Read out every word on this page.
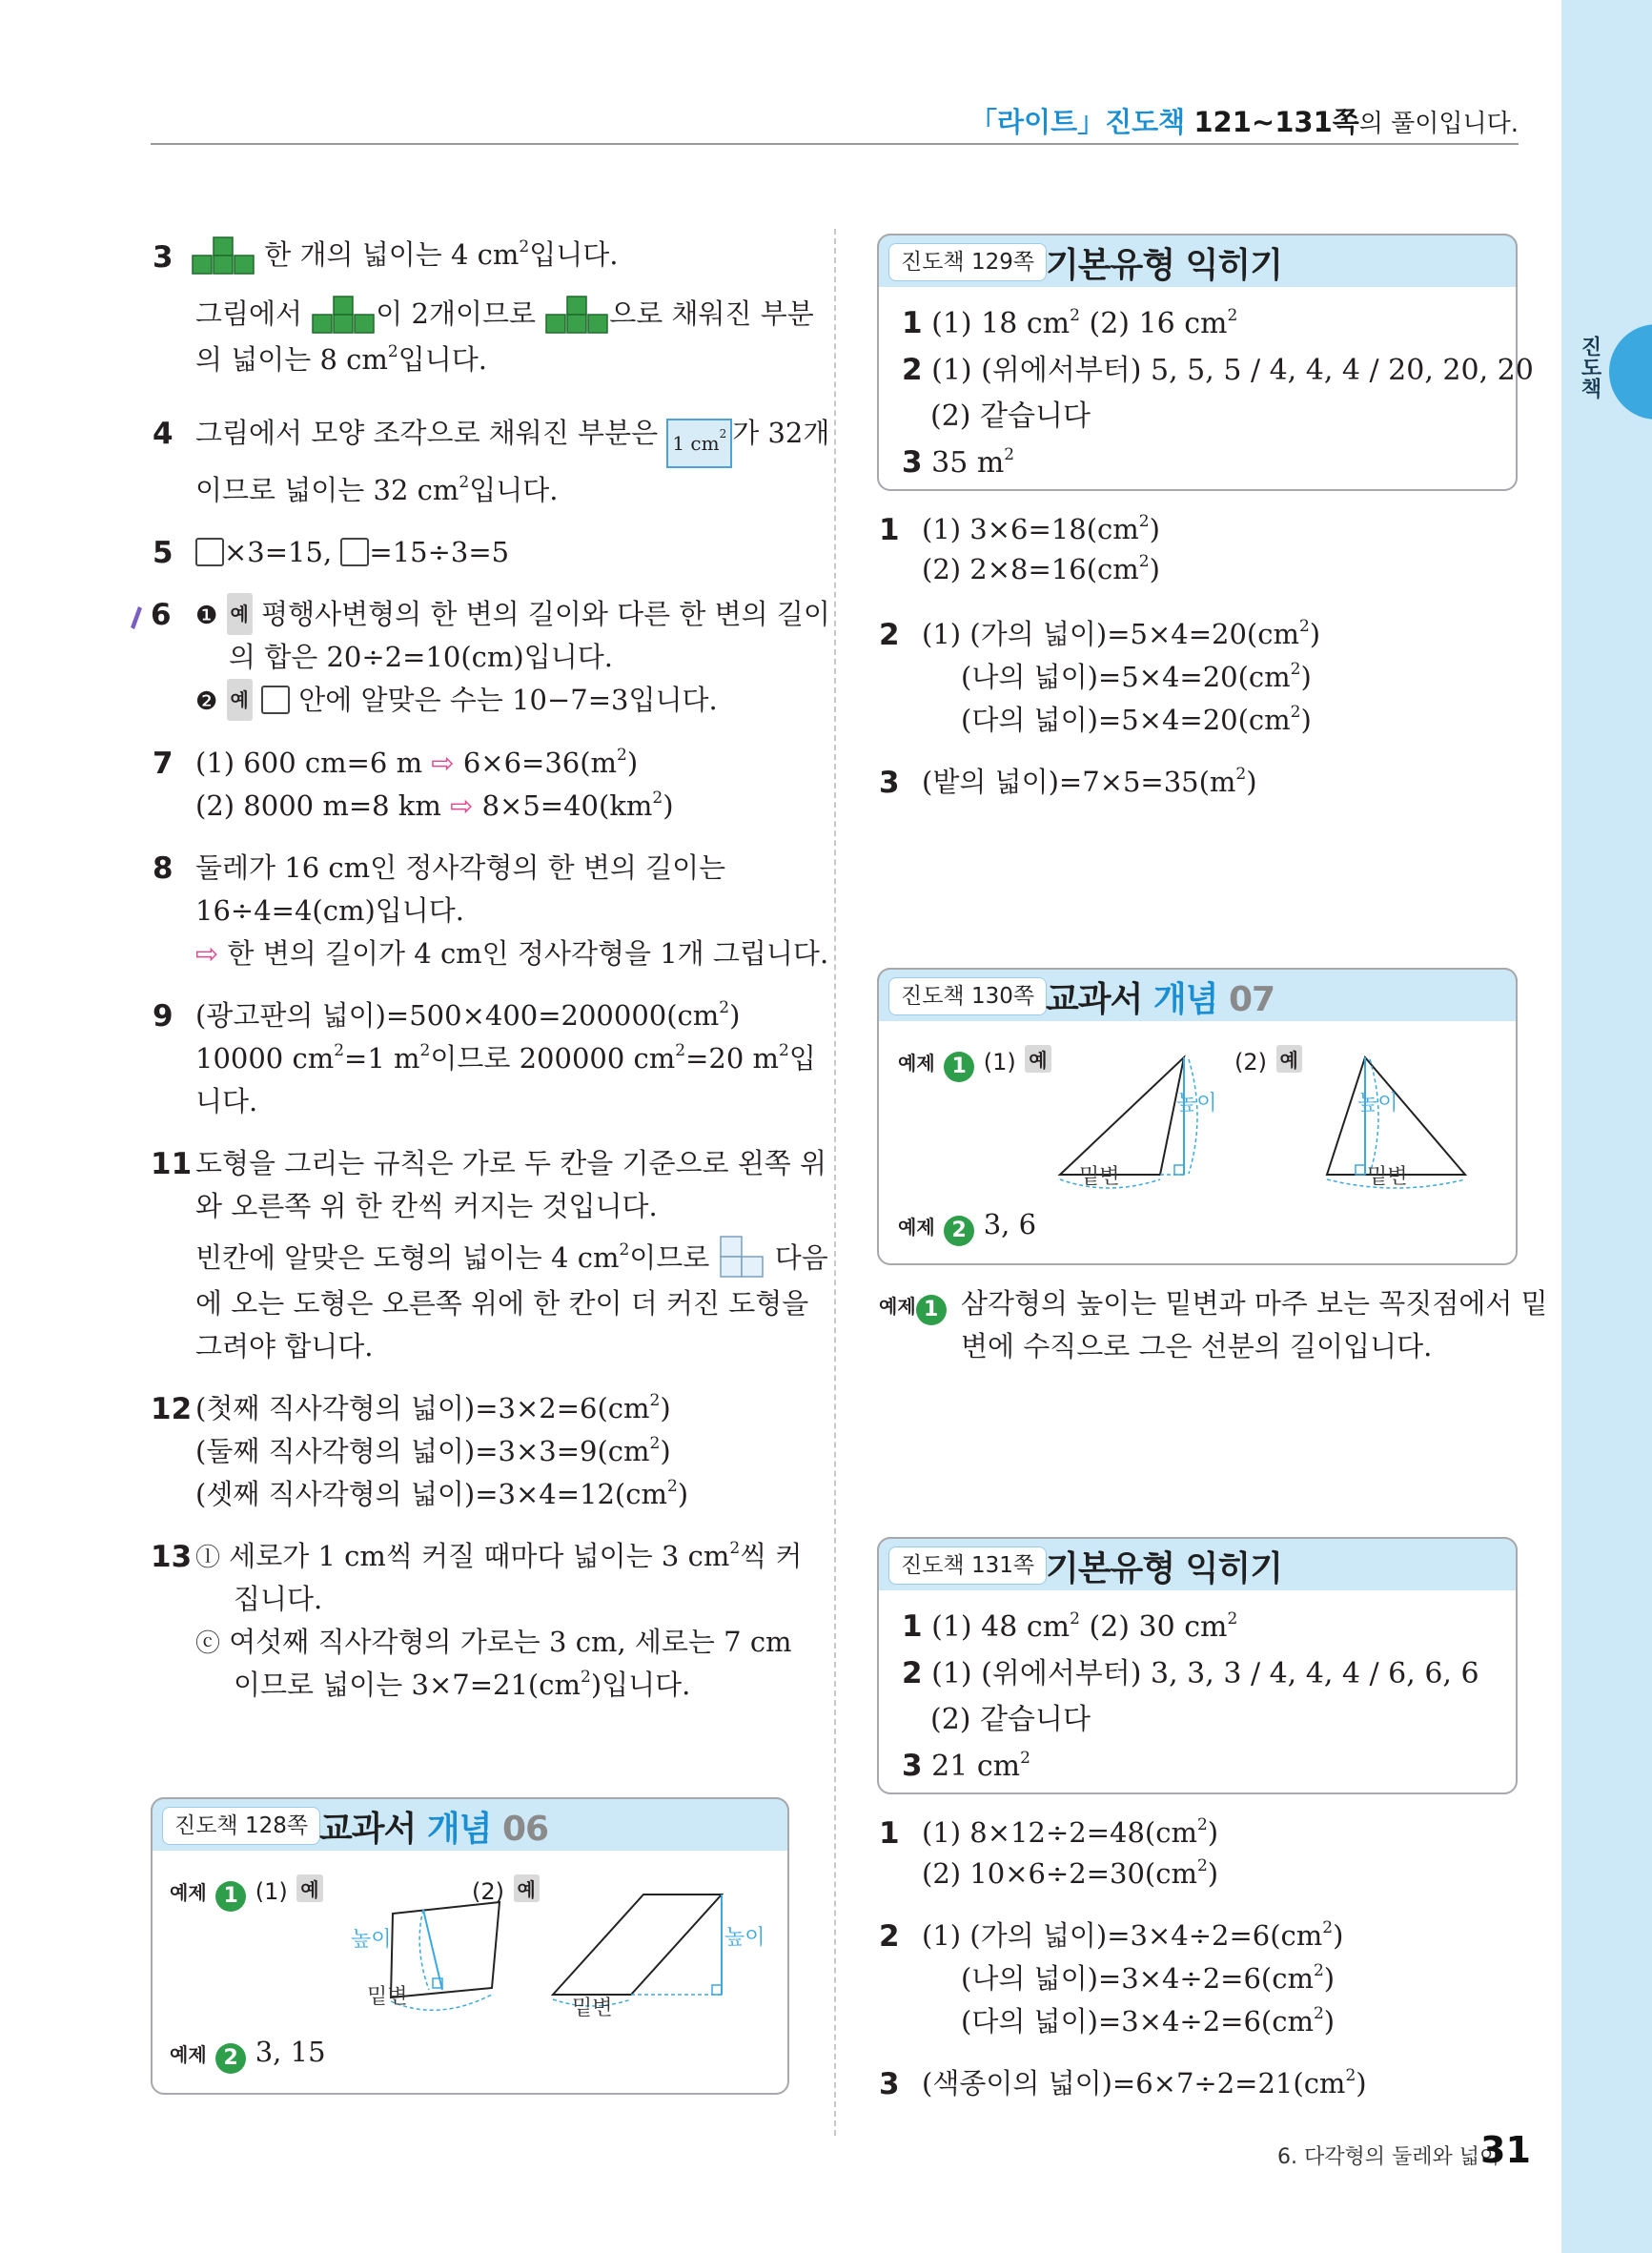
진도책
「라이트」진도책 121~131쪽의 풀이입니다.
3	한 개의 넓이는 4 $cm^2$입니다.
그림에서 이 2개이므로 으로 채워진 부분
의 넓이는 8 $cm^2$입니다.
4 그림에서 모양 조각으로 채워진 부분은 1 $cm^2$ 가 32개
이므로 넓이는 32 $cm^2$입니다.
5	×3=15, =15÷3=5
6 ❶ 예 평행사변형의 한 변의 길이와 다른 한 변의 길이
의 합은 20÷2=10(cm)입니다.
❷ 예  안에 알맞은 수는 10−7=3입니다.
7 (1) 600 cm=6 m ⇨ $6\times 6=36(m^2)$
(2) 8000 m=8 km ⇨ $8\times 5=40(km^2)$
8 둘레가 16 cm인 정사각형의 한 변의 길이는
16÷4=4(cm)입니다.
⇨ 한 변의 길이가 4 cm인 정사각형을 1개 그립니다.
9 (광고판의 넓이)$=500\times 400=200000(cm^2)$
10000 $cm^2=1$ $m^2$이므로 200000 $cm^2=20$ $m^2$입
니다.
11 도형을 그리는 규칙은 가로 두 칸을 기준으로 왼쪽 위
와 오른쪽 위 한 칸씩 커지는 것입니다.
빈칸에 알맞은 도형의 넓이는 4 $cm^2$이므로  다음
에 오는 도형은 오른쪽 위에 한 칸이 더 커진 도형을
그려야 합니다.
12 (첫째 직사각형의 넓이)$=3\times 2=6(cm^2)$
(둘째 직사각형의 넓이)$=3\times 3=9(cm^2)$
(셋째 직사각형의 넓이)$=3\times 4=12(cm^2)$
13 ⓛ 세로가 1 cm씩 커질 때마다 넓이는 3 $cm^2$씩 커
집니다.
ⓒ 여섯째 직사각형의 가로는 3 cm, 세로는 7 cm
이므로 넓이는 $3\times 7=21(cm^2)$입니다.
진도책 128쪽 교과서 개념 06
예제 1 (1) 예	(2) 예
높이
밑변
높이
밑변
예제 2 3, 15
진도책 129쪽 기본유형 익히기
1 (1) 18 $cm^2$ (2) 16 $cm^2$
2 (1) (위에서부터) 5, 5, 5 / 4, 4, 4 / 20, 20, 20
(2) 같습니다
3 35 $m^2$
1 (1) $3\times 6=18(cm^2)$
(2) $2\times 8=16(cm^2)$
2 (1) (가의 넓이)$=5\times 4=20(cm^2)$
(나의 넓이)$=5\times 4=20(cm^2)$
(다의 넓이)$=5\times 4=20(cm^2)$
3 (밭의 넓이)$=7\times 5=35(m^2)$
진도책 130쪽 교과서 개념 07
예제 1 (1) 예	(2) 예
높이
밑변
높이
밑변
예제 2 3, 6
예제 1 삼각형의 높이는 밑변과 마주 보는 꼭짓점에서 밑
변에 수직으로 그은 선분의 길이입니다.
진도책 131쪽 기본유형 익히기
1 (1) 48 $cm^2$ (2) 30 $cm^2$
2 (1) (위에서부터) 3, 3, 3 / 4, 4, 4 / 6, 6, 6
(2) 같습니다
3 21 $cm^2$
1 (1) $8\times 12\div 2=48(cm^2)$
(2) $10\times 6\div 2=30(cm^2)$
2 (1) (가의 넓이)$=3\times 4\div 2=6(cm^2)$
(나의 넓이)$=3\times 4\div 2=6(cm^2)$
(다의 넓이)$=3\times 4\div 2=6(cm^2)$
3 (색종이의 넓이)$=6\times 7\div 2=21(cm^2)$
6. 다각형의 둘레와 넓이
31
